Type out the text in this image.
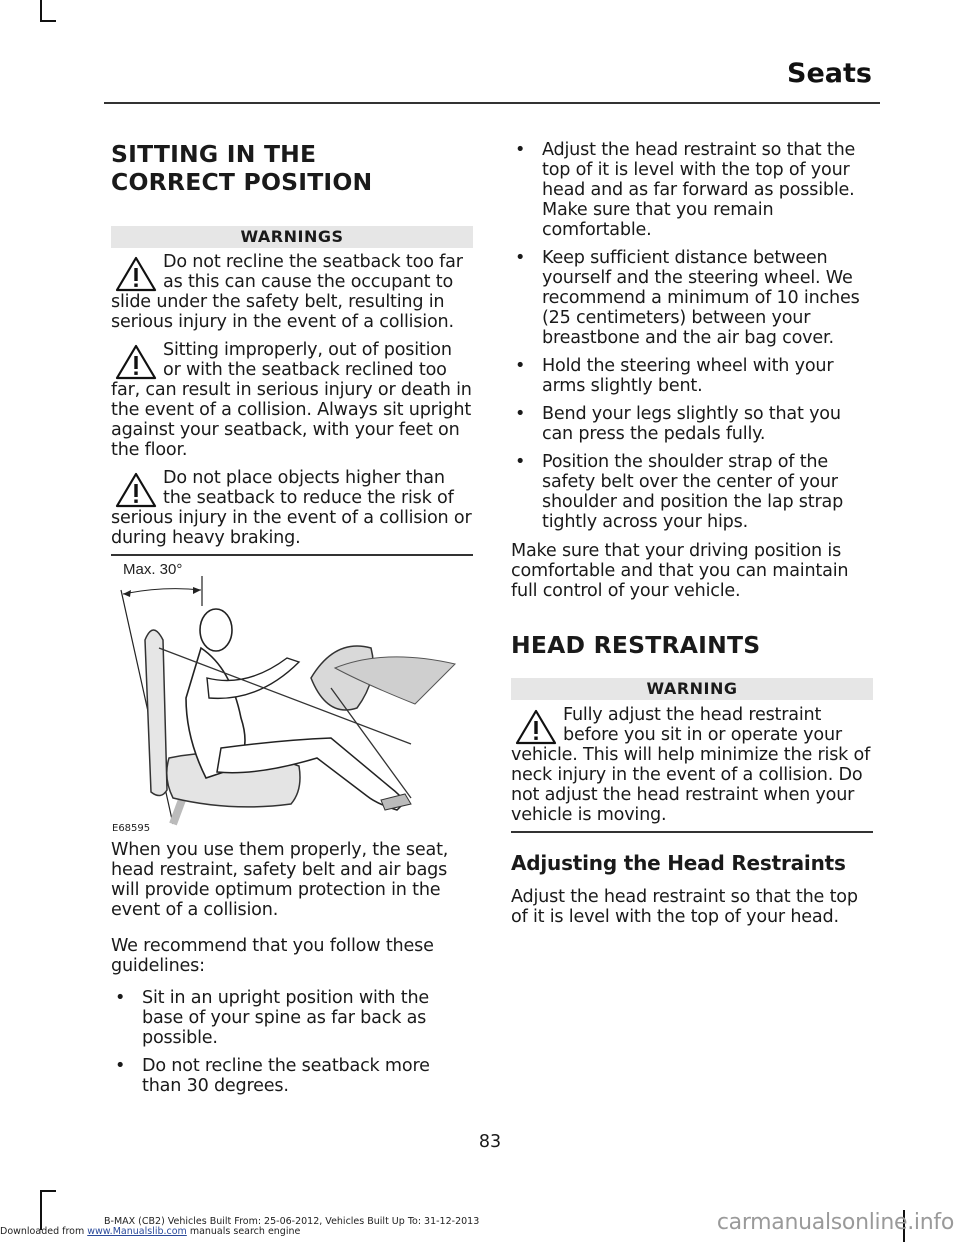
Seats
SITTING IN THE CORRECT POSITION
WARNINGS

Do not recline the seatback too far as this can cause the occupant to slide under the safety belt, resulting in serious injury in the event of a collision.

Sitting improperly, out of position or with the seatback reclined too far, can result in serious injury or death in the event of a collision. Always sit upright against your seatback, with your feet on the floor.

Do not place objects higher than the seatback to reduce the risk of serious injury in the event of a collision or during heavy braking.

Max. 30°
E68595

When you use them properly, the seat, head restraint, safety belt and air bags will provide optimum protection in the event of a collision.

We recommend that you follow these guidelines:

• Sit in an upright position with the base of your spine as far back as possible.
• Do not recline the seatback more than 30 degrees.
• Adjust the head restraint so that the top of it is level with the top of your head and as far forward as possible. Make sure that you remain comfortable.
• Keep sufficient distance between yourself and the steering wheel. We recommend a minimum of 10 inches (25 centimeters) between your breastbone and the air bag cover.
• Hold the steering wheel with your arms slightly bent.
• Bend your legs slightly so that you can press the pedals fully.
• Position the shoulder strap of the safety belt over the center of your shoulder and position the lap strap tightly across your hips.

Make sure that your driving position is comfortable and that you can maintain full control of your vehicle.

HEAD RESTRAINTS
WARNING

Fully adjust the head restraint before you sit in or operate your vehicle. This will help minimize the risk of neck injury in the event of a collision. Do not adjust the head restraint when your vehicle is moving.

Adjusting the Head Restraints

Adjust the head restraint so that the top of it is level with the top of your head.

83
B-MAX (CB2) Vehicles Built From: 25-06-2012, Vehicles Built Up To: 31-12-2013
Downloaded from www.Manualslib.com manuals search engine	carmanualsonline.info
